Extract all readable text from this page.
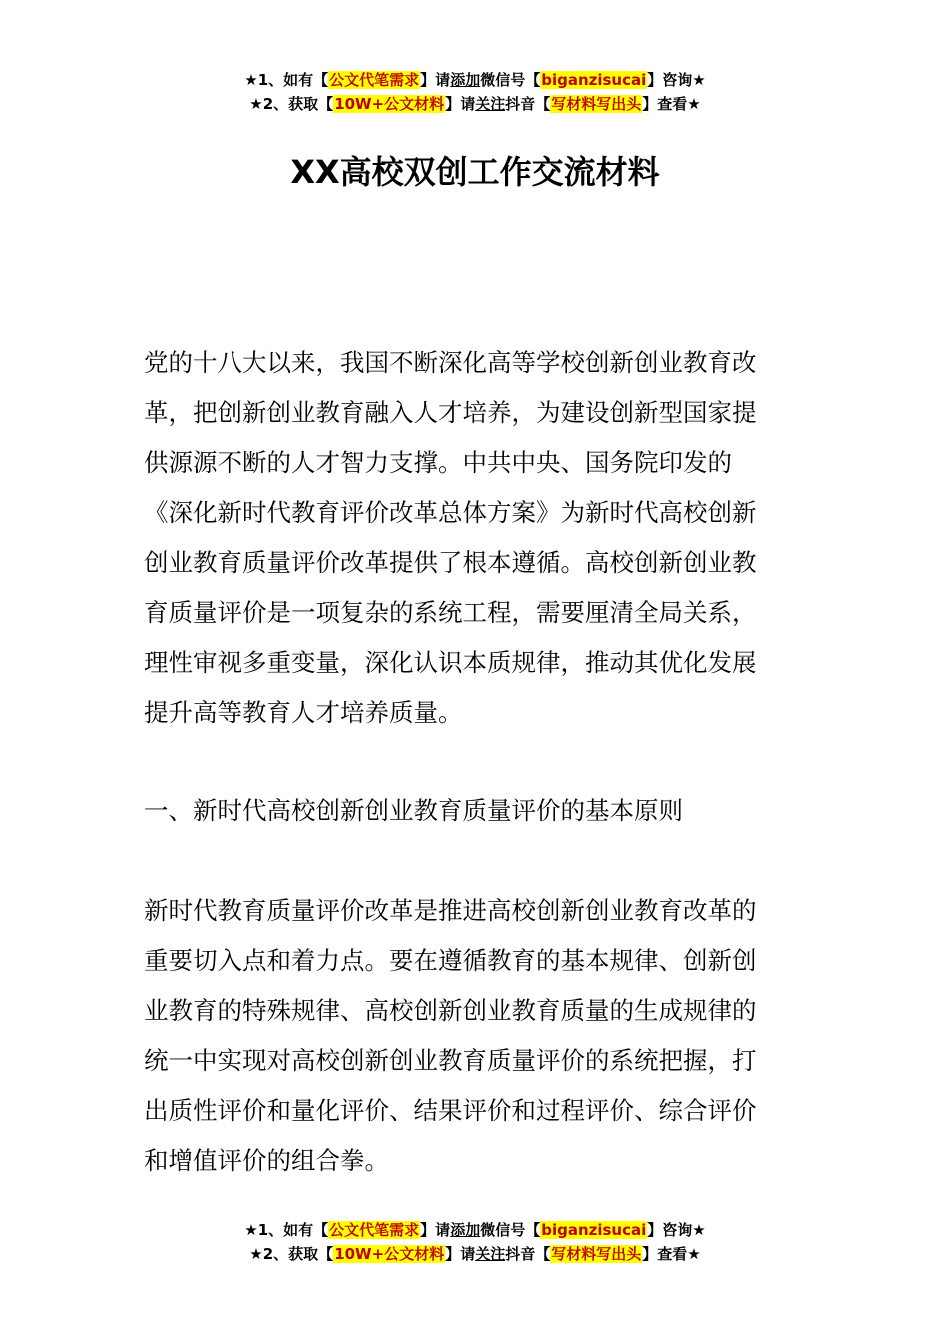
★1、如有【公文代笔需求】请添加微信号【biganzisucai】咨询★
★2、获取【10W+公文材料】请关注抖音【写材料写出头】查看★
XX高校双创工作交流材料

党的十八大以来，我国不断深化高等学校创新创业教育改
革，把创新创业教育融入人才培养，为建设创新型国家提
供源源不断的人才智力支撑。中共中央、国务院印发的
《深化新时代教育评价改革总体方案》为新时代高校创新
创业教育质量评价改革提供了根本遵循。高校创新创业教
育质量评价是一项复杂的系统工程，需要厘清全局关系，
理性审视多重变量，深化认识本质规律，推动其优化发展
提升高等教育人才培养质量。

一、新时代高校创新创业教育质量评价的基本原则

新时代教育质量评价改革是推进高校创新创业教育改革的
重要切入点和着力点。要在遵循教育的基本规律、创新创
业教育的特殊规律、高校创新创业教育质量的生成规律的
统一中实现对高校创新创业教育质量评价的系统把握，打
出质性评价和量化评价、结果评价和过程评价、综合评价
和增值评价的组合拳。

★1、如有【公文代笔需求】请添加微信号【biganzisucai】咨询★
★2、获取【10W+公文材料】请关注抖音【写材料写出头】查看★
